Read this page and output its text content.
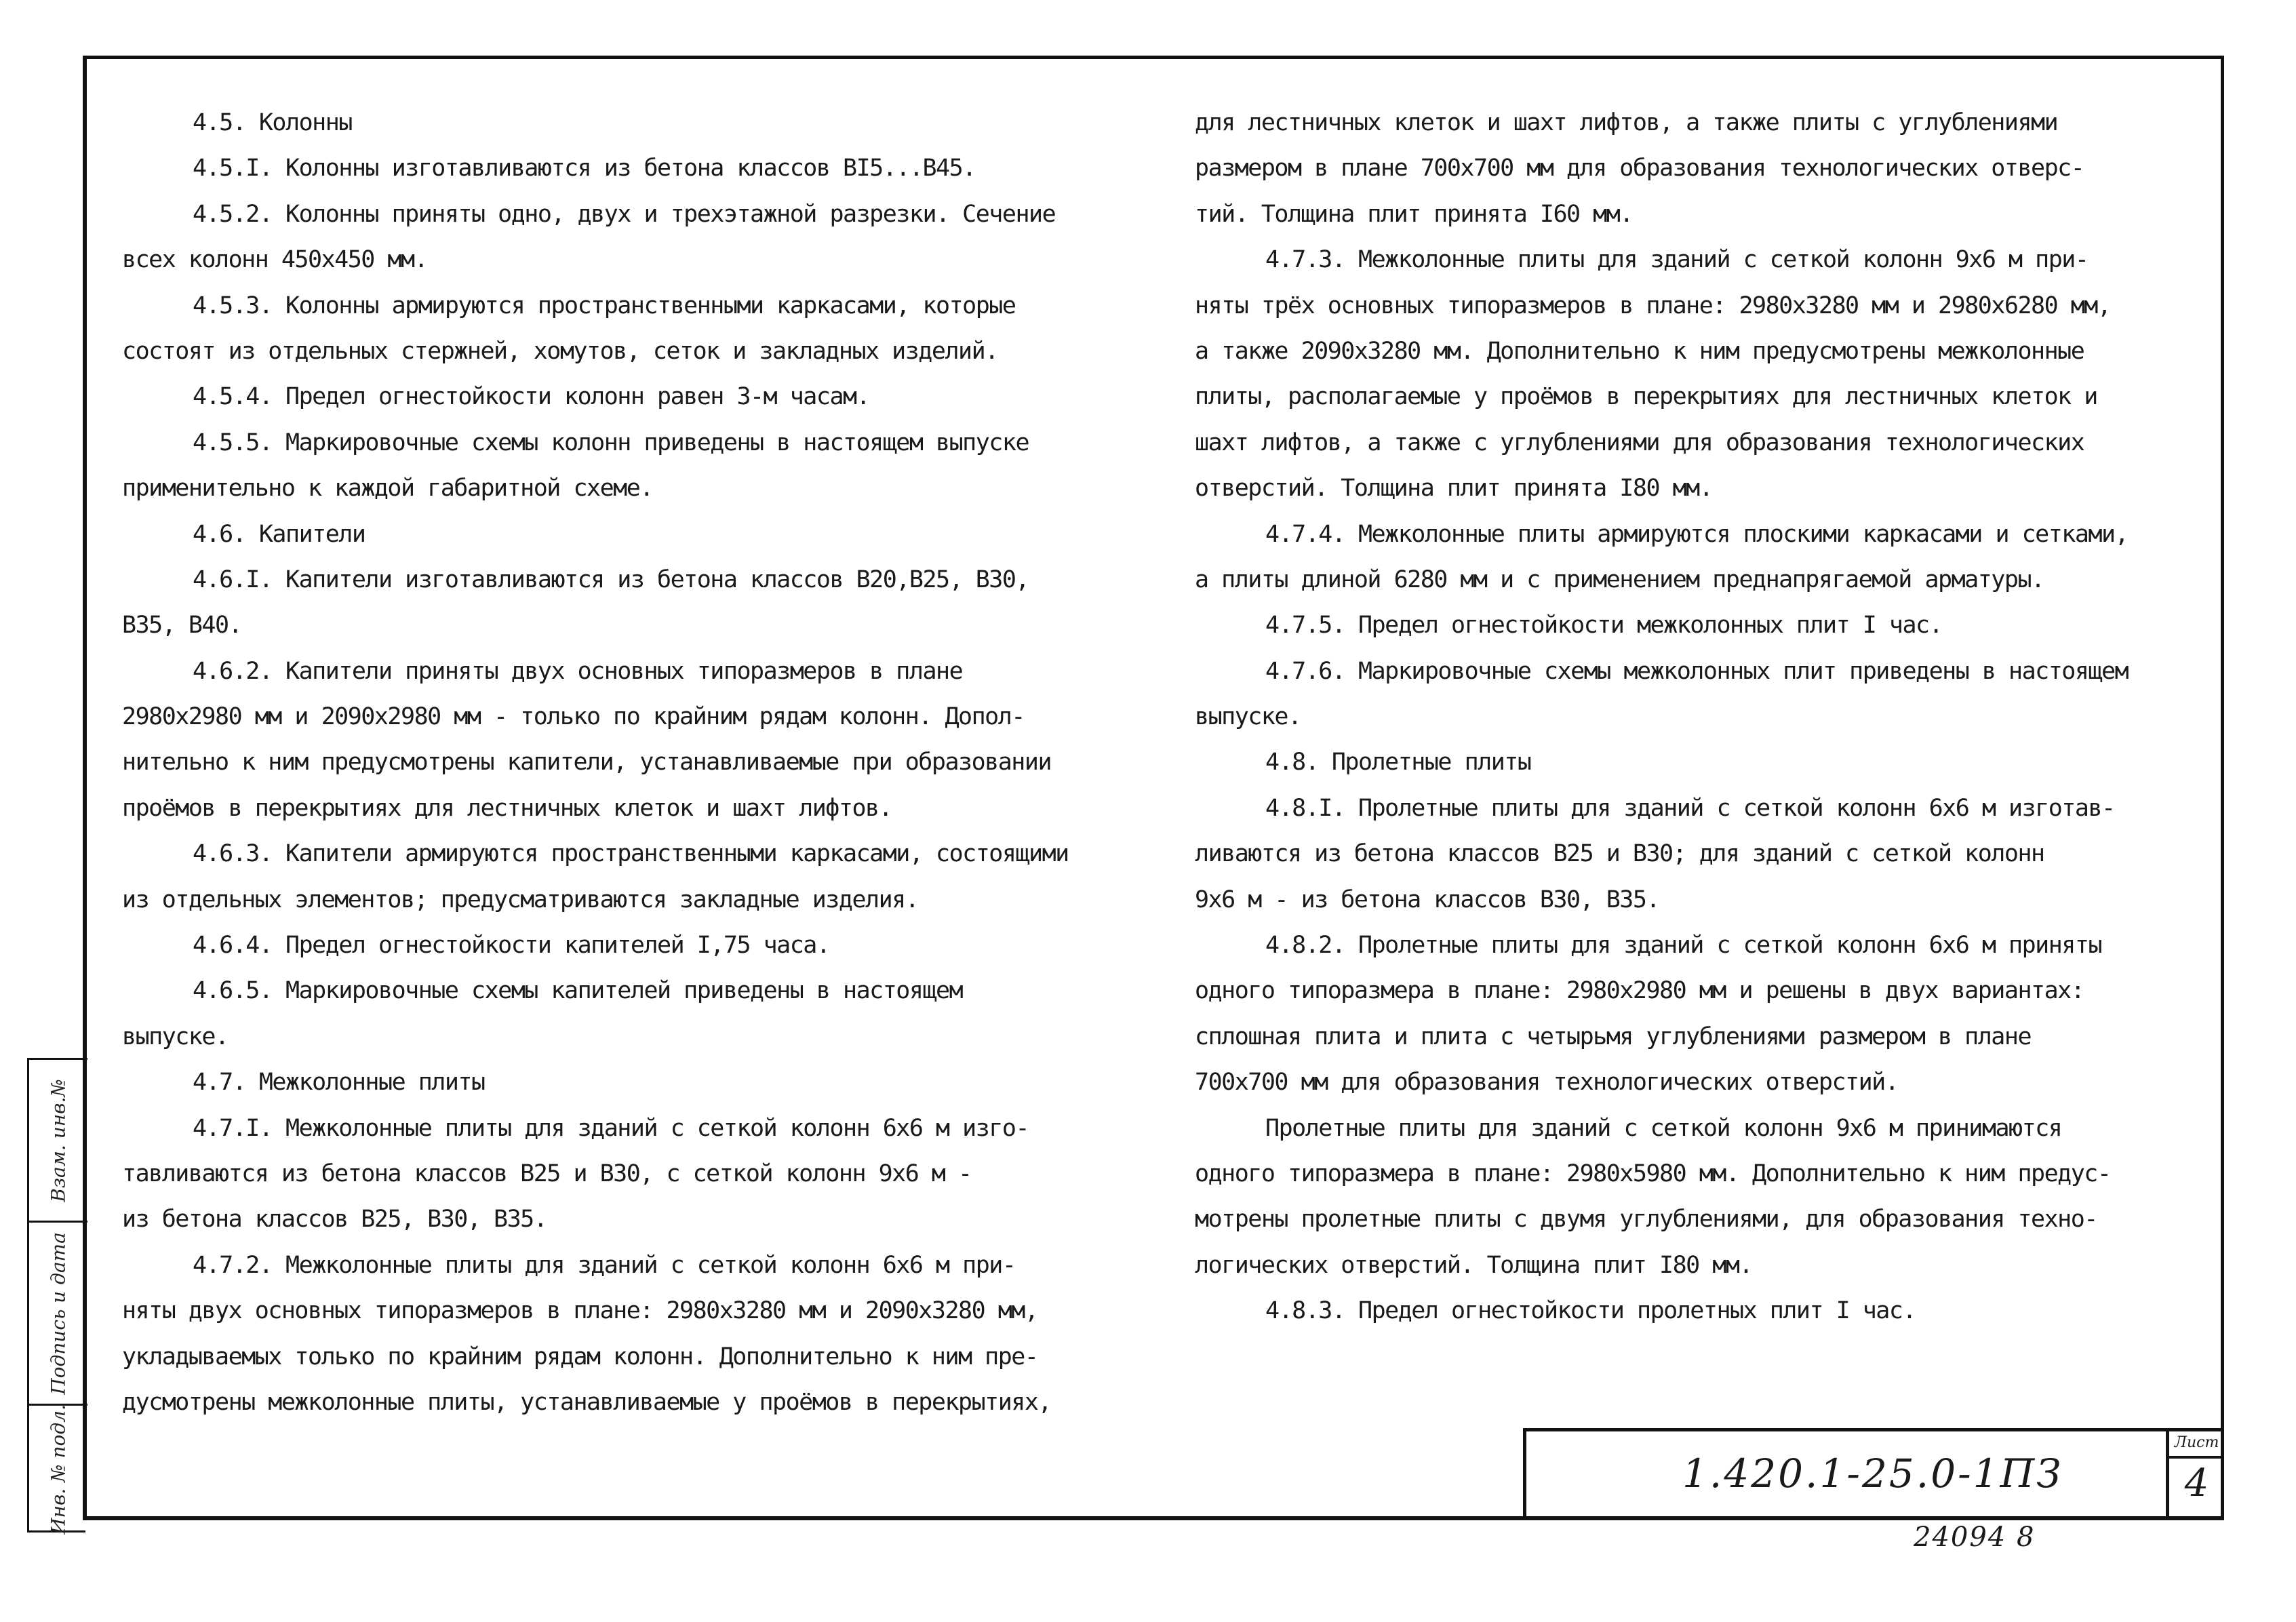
4.5. Колонны
4.5.I. Колонны изготавливаются из бетона классов BI5...B45.
4.5.2. Колонны приняты одно, двух и трехэтажной разрезки. Сечение
всех колонн 450х450 мм.
4.5.3. Колонны армируются пространственными каркасами, которые
состоят из отдельных стержней, хомутов, сеток и закладных изделий.
4.5.4. Предел огнестойкости колонн равен 3-м часам.
4.5.5. Маркировочные схемы колонн приведены в настоящем выпуске
применительно к каждой габаритной схеме.
4.6. Капители
4.6.I. Капители изготавливаются из бетона классов В20,В25, В30,
В35, В40.
4.6.2. Капители приняты двух основных типоразмеров в плане
2980х2980 мм и 2090х2980 мм - только по крайним рядам колонн. Допол-
нительно к ним предусмотрены капители, устанавливаемые при образовании
проёмов в перекрытиях для лестничных клеток и шахт лифтов.
4.6.3. Капители армируются пространственными каркасами, состоящими
из отдельных элементов; предусматриваются закладные изделия.
4.6.4. Предел огнестойкости капителей I,75 часа.
4.6.5. Маркировочные схемы капителей приведены в настоящем
выпуске.
4.7. Межколонные плиты
4.7.I. Межколонные плиты для зданий с сеткой колонн 6х6 м изго-
тавливаются из бетона классов В25 и В30, с сеткой колонн 9х6 м -
из бетона классов В25, В30, В35.
4.7.2. Межколонные плиты для зданий с сеткой колонн 6х6 м при-
няты двух основных типоразмеров в плане: 2980х3280 мм и 2090х3280 мм,
укладываемых только по крайним рядам колонн. Дополнительно к ним пре-
дусмотрены межколонные плиты, устанавливаемые у проёмов в перекрытиях,
для лестничных клеток и шахт лифтов, а также плиты с углублениями
размером в плане 700х700 мм для образования технологических отверс-
тий. Толщина плит принята I60 мм.
4.7.3. Межколонные плиты для зданий с сеткой колонн 9х6 м при-
няты трёх основных типоразмеров в плане: 2980х3280 мм и 2980х6280 мм,
а также 2090х3280 мм. Дополнительно к ним предусмотрены межколонные
плиты, располагаемые у проёмов в перекрытиях для лестничных клеток и
шахт лифтов, а также с углублениями для образования технологических
отверстий. Толщина плит принята I80 мм.
4.7.4. Межколонные плиты армируются плоскими каркасами и сетками,
а плиты длиной 6280 мм и с применением преднапрягаемой арматуры.
4.7.5. Предел огнестойкости межколонных плит I час.
4.7.6. Маркировочные схемы межколонных плит приведены в настоящем
выпуске.
4.8. Пролетные плиты
4.8.I. Пролетные плиты для зданий с сеткой колонн 6х6 м изготав-
ливаются из бетона классов В25 и В30; для зданий с сеткой колонн
9х6 м - из бетона классов В30, В35.
4.8.2. Пролетные плиты для зданий с сеткой колонн 6х6 м приняты
одного типоразмера в плане: 2980х2980 мм и решены в двух вариантах:
сплошная плита и плита с четырьмя углублениями размером в плане
700х700 мм для образования технологических отверстий.
Пролетные плиты для зданий с сеткой колонн 9х6 м принимаются
одного типоразмера в плане: 2980х5980 мм. Дополнительно к ним предус-
мотрены пролетные плиты с двумя углублениями, для образования техно-
логических отверстий. Толщина плит I80 мм.
4.8.3. Предел огнестойкости пролетных плит I час.
Взам. инв.№
Подпись и дата
Инв. № подл.	1.420.1-25.0-1ПЗ
Лист
4
24094 8
